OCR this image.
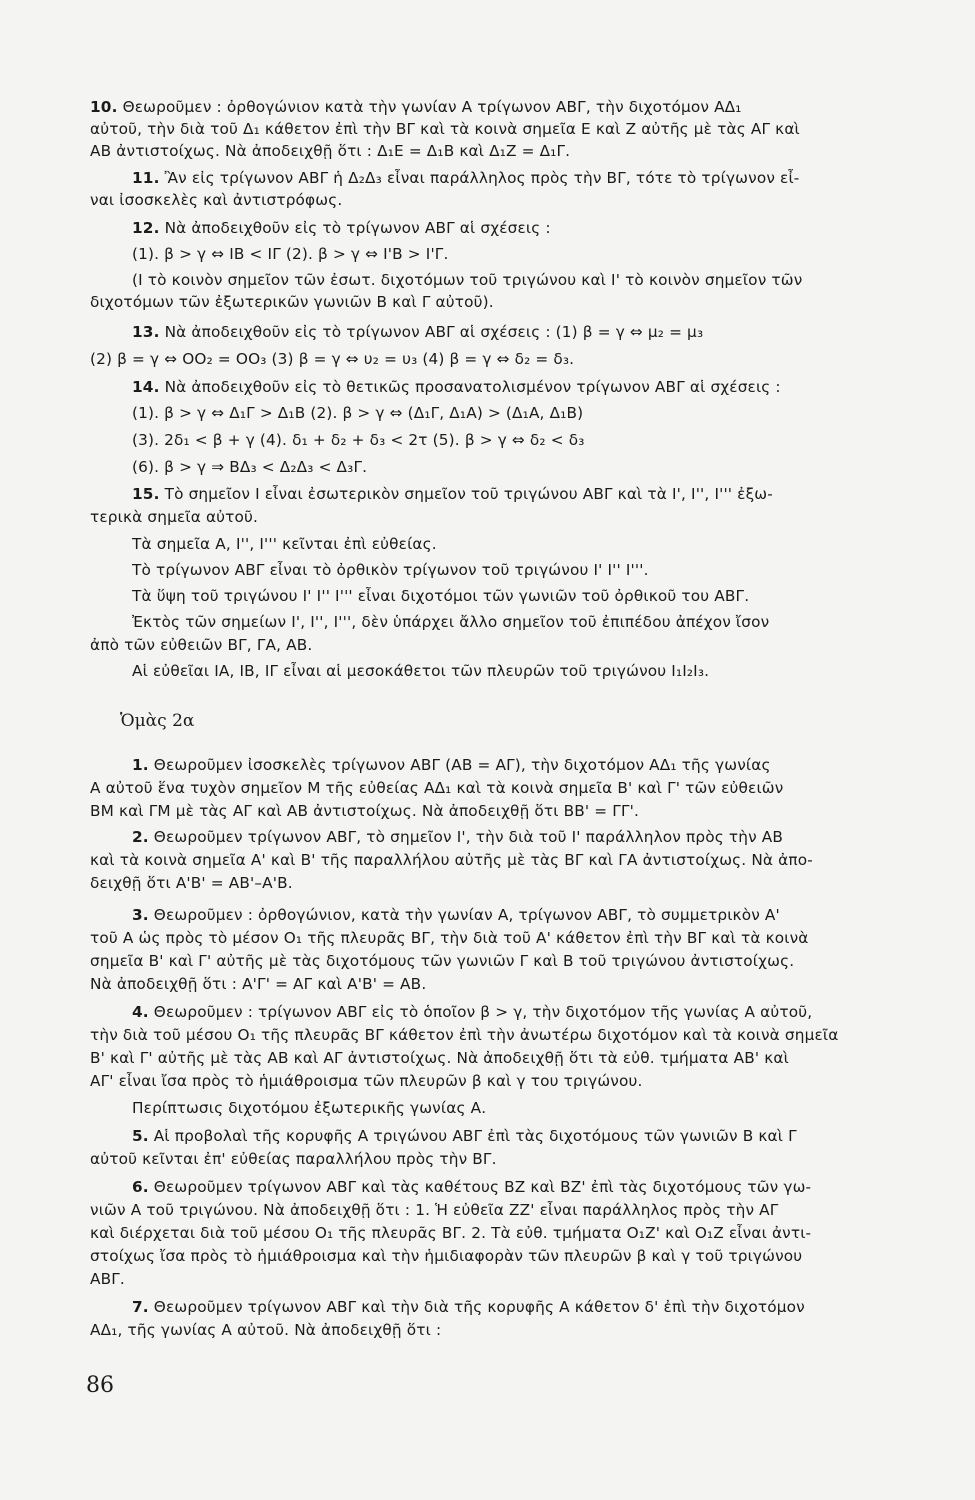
10. Θεωροῦμεν : ὀρθογώνιον κατὰ τὴν γωνίαν Α τρίγωνον ΑΒΓ, τὴν διχοτόμον ΑΔ₁
αὐτοῦ, τὴν διὰ τοῦ Δ₁ κάθετον ἐπὶ τὴν ΒΓ καὶ τὰ κοινὰ σημεῖα Ε καὶ Ζ αὐτῆς μὲ τὰς ΑΓ καὶ
ΑΒ ἀντιστοίχως. Νὰ ἀποδειχθῇ ὅτι : Δ₁Ε = Δ₁Β καὶ Δ₁Ζ = Δ₁Γ.
11. Ἂν εἰς τρίγωνον ΑΒΓ ἡ Δ₂Δ₃ εἶναι παράλληλος πρὸς τὴν ΒΓ, τότε τὸ τρίγωνον εἶ-
ναι ἰσοσκελὲς καὶ ἀντιστρόφως.
12. Νὰ ἀποδειχθοῦν εἰς τὸ τρίγωνον ΑΒΓ αἱ σχέσεις :
(1). β > γ ⇔ ΙΒ < ΙΓ (2). β > γ ⇔ Ι'Β > Ι'Γ.
(Ι τὸ κοινὸν σημεῖον τῶν ἐσωτ. διχοτόμων τοῦ τριγώνου καὶ Ι' τὸ κοινὸν σημεῖον τῶν
διχοτόμων τῶν ἐξωτερικῶν γωνιῶν Β καὶ Γ αὐτοῦ).
13. Νὰ ἀποδειχθοῦν εἰς τὸ τρίγωνον ΑΒΓ αἱ σχέσεις : (1) β = γ ⇔ μ₂ = μ₃
(2) β = γ ⇔ ΟΟ₂ = ΟΟ₃ (3) β = γ ⇔ υ₂ = υ₃ (4) β = γ ⇔ δ₂ = δ₃.
14. Νὰ ἀποδειχθοῦν εἰς τὸ θετικῶς προσανατολισμένον τρίγωνον ΑΒΓ αἱ σχέσεις :
(1). β > γ ⇔ Δ₁Γ > Δ₁Β (2). β > γ ⇔ (Δ₁Γ, Δ₁Α) > (Δ₁Α, Δ₁Β)
(3). 2δ₁ < β + γ (4). δ₁ + δ₂ + δ₃ < 2τ (5). β > γ ⇔ δ₂ < δ₃
(6). β > γ ⇒ ΒΔ₃ < Δ₂Δ₃ < Δ₃Γ.
15. Τὸ σημεῖον Ι εἶναι ἐσωτερικὸν σημεῖον τοῦ τριγώνου ΑΒΓ καὶ τὰ Ι', Ι'', Ι''' ἐξω-
τερικὰ σημεῖα αὐτοῦ.
Τὰ σημεῖα Α, Ι'', Ι''' κεῖνται ἐπὶ εὐθείας.
Τὸ τρίγωνον ΑΒΓ εἶναι τὸ ὀρθικὸν τρίγωνον τοῦ τριγώνου Ι' Ι'' Ι'''.
Τὰ ὕψη τοῦ τριγώνου Ι' Ι'' Ι''' εἶναι διχοτόμοι τῶν γωνιῶν τοῦ ὀρθικοῦ του ΑΒΓ.
Ἐκτὸς τῶν σημείων Ι', Ι'', Ι''', δὲν ὑπάρχει ἄλλο σημεῖον τοῦ ἐπιπέδου ἀπέχον ἴσον
ἀπὸ τῶν εὐθειῶν ΒΓ, ΓΑ, ΑΒ.
Αἱ εὐθεῖαι ΙΑ, ΙΒ, ΙΓ εἶναι αἱ μεσοκάθετοι τῶν πλευρῶν τοῦ τριγώνου Ι₁Ι₂Ι₃.
Ὁμὰς 2α
1. Θεωροῦμεν ἰσοσκελὲς τρίγωνον ΑΒΓ (ΑΒ = ΑΓ), τὴν διχοτόμον ΑΔ₁ τῆς γωνίας
Α αὐτοῦ ἕνα τυχὸν σημεῖον Μ τῆς εὐθείας ΑΔ₁ καὶ τὰ κοινὰ σημεῖα Β' καὶ Γ' τῶν εὐθειῶν
ΒΜ καὶ ΓΜ μὲ τὰς ΑΓ καὶ ΑΒ ἀντιστοίχως. Νὰ ἀποδειχθῇ ὅτι ΒΒ' = ΓΓ'.
2. Θεωροῦμεν τρίγωνον ΑΒΓ, τὸ σημεῖον Ι', τὴν διὰ τοῦ Ι' παράλληλον πρὸς τὴν ΑΒ
καὶ τὰ κοινὰ σημεῖα Α' καὶ Β' τῆς παραλλήλου αὐτῆς μὲ τὰς ΒΓ καὶ ΓΑ ἀντιστοίχως. Νὰ ἀπο-
δειχθῇ ὅτι Α'Β' = ΑΒ'–Α'Β.
3. Θεωροῦμεν : ὀρθογώνιον, κατὰ τὴν γωνίαν Α, τρίγωνον ΑΒΓ, τὸ συμμετρικὸν Α'
τοῦ Α ὡς πρὸς τὸ μέσον Ο₁ τῆς πλευρᾶς ΒΓ, τὴν διὰ τοῦ Α' κάθετον ἐπὶ τὴν ΒΓ καὶ τὰ κοινὰ
σημεῖα Β' καὶ Γ' αὐτῆς μὲ τὰς διχοτόμους τῶν γωνιῶν Γ καὶ Β τοῦ τριγώνου ἀντιστοίχως.
Νὰ ἀποδειχθῇ ὅτι : Α'Γ' = ΑΓ καὶ Α'Β' = ΑΒ.
4. Θεωροῦμεν : τρίγωνον ΑΒΓ εἰς τὸ ὁποῖον β > γ, τὴν διχοτόμον τῆς γωνίας Α αὐτοῦ,
τὴν διὰ τοῦ μέσου Ο₁ τῆς πλευρᾶς ΒΓ κάθετον ἐπὶ τὴν ἀνωτέρω διχοτόμον καὶ τὰ κοινὰ σημεῖα
Β' καὶ Γ' αὐτῆς μὲ τὰς ΑΒ καὶ ΑΓ ἀντιστοίχως. Νὰ ἀποδειχθῇ ὅτι τὰ εὐθ. τμήματα ΑΒ' καὶ
ΑΓ' εἶναι ἴσα πρὸς τὸ ἡμιάθροισμα τῶν πλευρῶν β καὶ γ του τριγώνου.
Περίπτωσις διχοτόμου ἐξωτερικῆς γωνίας Α.
5. Αἱ προβολαὶ τῆς κορυφῆς Α τριγώνου ΑΒΓ ἐπὶ τὰς διχοτόμους τῶν γωνιῶν Β καὶ Γ
αὐτοῦ κεῖνται ἐπ' εὐθείας παραλλήλου πρὸς τὴν ΒΓ.
6. Θεωροῦμεν τρίγωνον ΑΒΓ καὶ τὰς καθέτους ΒΖ καὶ ΒΖ' ἐπὶ τὰς διχοτόμους τῶν γω-
νιῶν Α τοῦ τριγώνου. Νὰ ἀποδειχθῇ ὅτι : 1. Ἡ εὐθεῖα ΖΖ' εἶναι παράλληλος πρὸς τὴν ΑΓ
καὶ διέρχεται διὰ τοῦ μέσου Ο₁ τῆς πλευρᾶς ΒΓ. 2. Τὰ εὐθ. τμήματα Ο₁Ζ' καὶ Ο₁Ζ εἶναι ἀντι-
στοίχως ἴσα πρὸς τὸ ἡμιάθροισμα καὶ τὴν ἡμιδιαφορὰν τῶν πλευρῶν β καὶ γ τοῦ τριγώνου
ΑΒΓ.
7. Θεωροῦμεν τρίγωνον ΑΒΓ καὶ τὴν διὰ τῆς κορυφῆς Α κάθετον δ' ἐπὶ τὴν διχοτόμον
ΑΔ₁, τῆς γωνίας Α αὐτοῦ. Νὰ ἀποδειχθῇ ὅτι :
86
